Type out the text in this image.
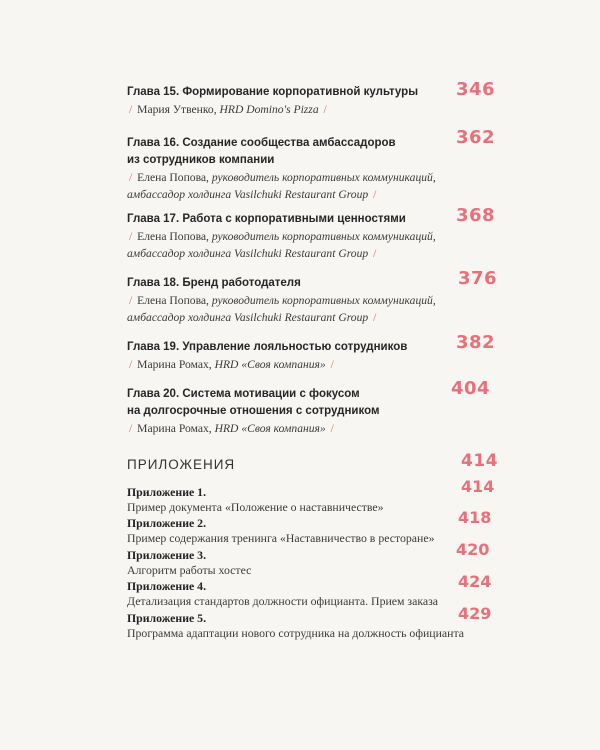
Глава 15. Формирование корпоративной культуры
/ Мария Утвенко, HRD Domino's Pizza /
346
Глава 16. Создание сообщества амбассадоров
из сотрудников компании
/ Елена Попова, руководитель корпоративных коммуникаций,
амбассадор холдинга Vasilchuki Restaurant Group /
362
Глава 17. Работа с корпоративными ценностями
/ Елена Попова, руководитель корпоративных коммуникаций,
амбассадор холдинга Vasilchuki Restaurant Group /
368
Глава 18. Бренд работодателя
/ Елена Попова, руководитель корпоративных коммуникаций,
амбассадор холдинга Vasilchuki Restaurant Group /
376
Глава 19. Управление лояльностью сотрудников
/ Марина Ромах, HRD «Своя компания» /
382
Глава 20. Система мотивации с фокусом
на долгосрочные отношения с сотрудником
/ Марина Ромах, HRD «Своя компания» /
404
ПРИЛОЖЕНИЯ	414
Приложение 1.
Пример документа «Положение о наставничестве»
414
Приложение 2.
Пример содержания тренинга «Наставничество в ресторане»
418
Приложение 3.
Алгоритм работы хостес
420
Приложение 4.
Детализация стандартов должности официанта. Прием заказа
424
Приложение 5.
Программа адаптации нового сотрудника на должность официанта
429
